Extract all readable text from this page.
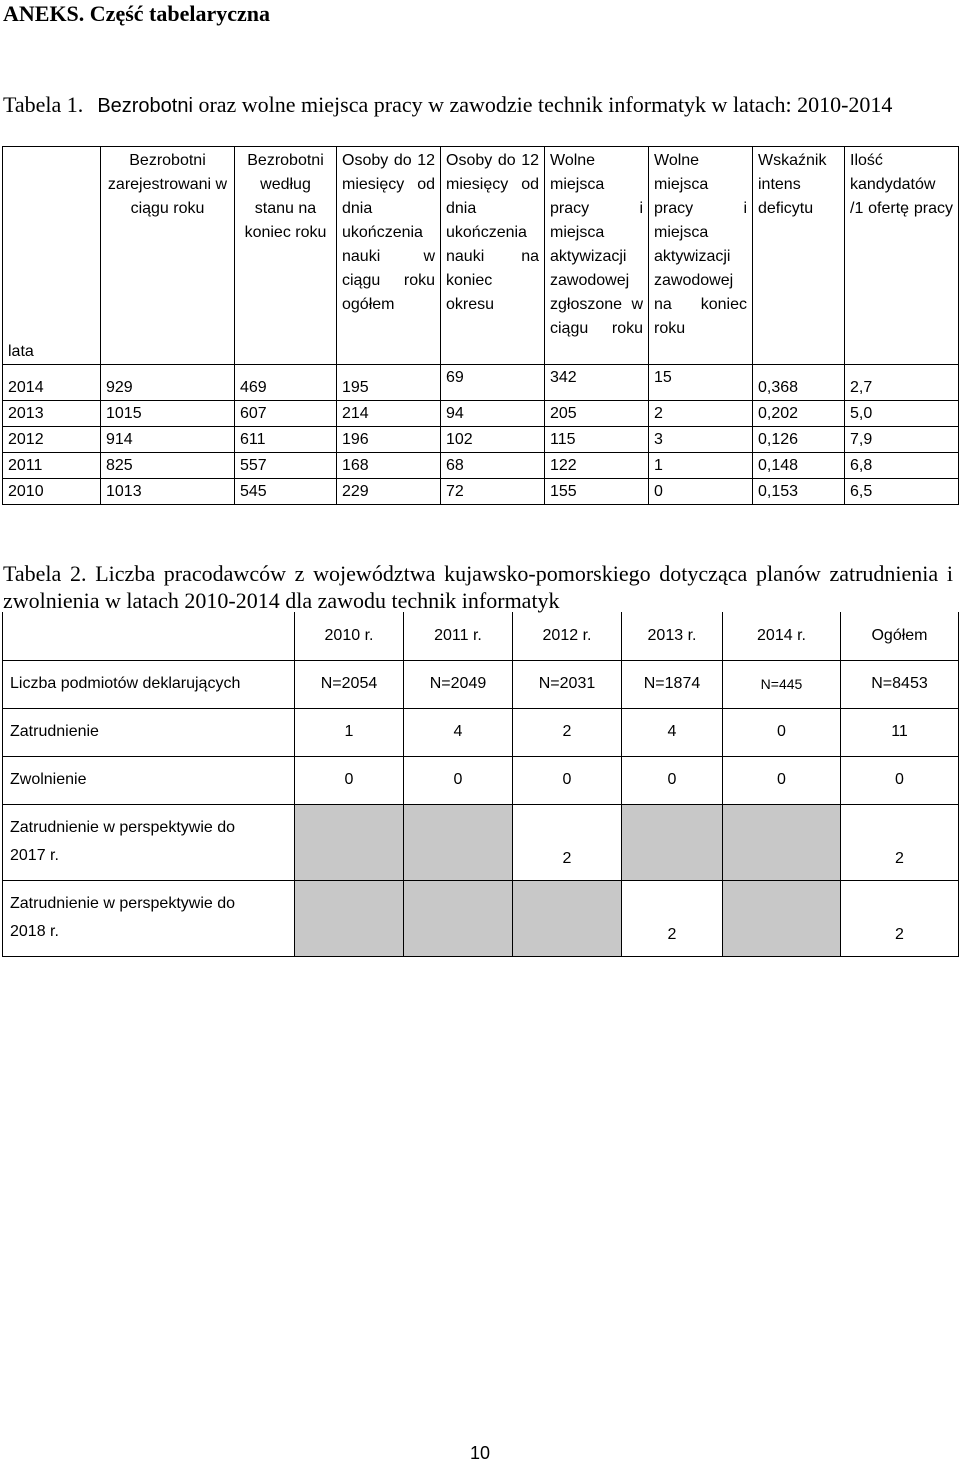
ANEKS. Część tabelaryczna
Tabela 1. Bezrobotni oraz wolne miejsca pracy w zawodzie technik informatyk w latach: 2010-2014
lata	Bezrobotni zarejestrowani w ciągu roku	Bezrobotni według stanu na koniec roku	Osoby do 12 miesięcy od dnia ukończenia nauki w ciągu roku ogółem	Osoby do 12 miesięcy od dnia ukończenia nauki na koniec okresu	Wolne miejsca pracy i miejsca aktywizacji zawodowej zgłoszone w ciągu roku	Wolne miejsca pracy i miejsca aktywizacji zawodowej na koniec roku	Wskaźnik intens deficytu	Ilość kandydatów /1 ofertę pracy
2014	929	469	195	69	342	15	0,368	2,7
2013	1015	607	214	94	205	2	0,202	5,0
2012	914	611	196	102	115	3	0,126	7,9
2011	825	557	168	68	122	1	0,148	6,8
2010	1013	545	229	72	155	0	0,153	6,5
Tabela 2. Liczba pracodawców z województwa kujawsko-pomorskiego dotycząca planów zatrudnienia i zwolnienia w latach 2010-2014 dla zawodu technik informatyk
	2010 r.	2011 r.	2012 r.	2013 r.	2014 r.	Ogółem
Liczba podmiotów deklarujących	N=2054	N=2049	N=2031	N=1874	N=445	N=8453
Zatrudnienie	1	4	2	4	0	11
Zwolnienie	0	0	0	0	0	0
Zatrudnienie w perspektywie do
2017 r.			2			2
Zatrudnienie w perspektywie do
2018 r.				2		2
10
